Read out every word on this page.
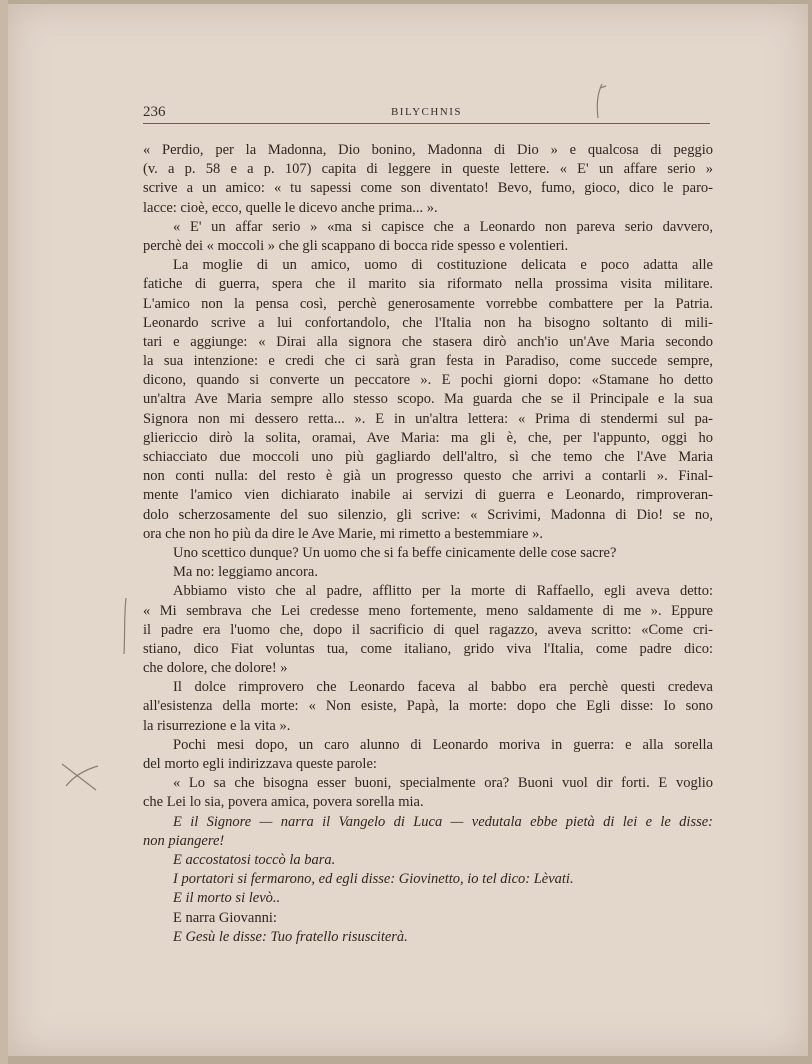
236	BILYCHNIS
« Perdio, per la Madonna, Dio bonino, Madonna di Dio » e qualcosa di peggio
(v. a p. 58 e a p. 107) capita di leggere in queste lettere. « E' un affare serio »
scrive a un amico: « tu sapessi come son diventato! Bevo, fumo, gioco, dico le paro-
lacce: cioè, ecco, quelle le dicevo anche prima... ».
« E' un affar serio » «ma si capisce che a Leonardo non pareva serio davvero,
perchè dei « moccoli » che gli scappano di bocca ride spesso e volentieri.
La moglie di un amico, uomo di costituzione delicata e poco adatta alle
fatiche di guerra, spera che il marito sia riformato nella prossima visita militare.
L'amico non la pensa così, perchè generosamente vorrebbe combattere per la Patria.
Leonardo scrive a lui confortandolo, che l'Italia non ha bisogno soltanto di mili-
tari e aggiunge: « Dirai alla signora che stasera dirò anch'io un'Ave Maria secondo
la sua intenzione: e credi che ci sarà gran festa in Paradiso, come succede sempre,
dicono, quando si converte un peccatore ». E pochi giorni dopo: «Stamane ho detto
un'altra Ave Maria sempre allo stesso scopo. Ma guarda che se il Principale e la sua
Signora non mi dessero retta... ». E in un'altra lettera: « Prima di stendermi sul pa-
gliericcio dirò la solita, oramai, Ave Maria: ma gli è, che, per l'appunto, oggi ho
schiacciato due moccoli uno più gagliardo dell'altro, sì che temo che l'Ave Maria
non conti nulla: del resto è già un progresso questo che arrivi a contarli ». Final-
mente l'amico vien dichiarato inabile ai servizi di guerra e Leonardo, rimproveran-
dolo scherzosamente del suo silenzio, gli scrive: « Scrivimi, Madonna di Dio! se no,
ora che non ho più da dire le Ave Marie, mi rimetto a bestemmiare ».
Uno scettico dunque? Un uomo che si fa beffe cinicamente delle cose sacre?
Ma no: leggiamo ancora.
Abbiamo visto che al padre, afflitto per la morte di Raffaello, egli aveva detto:
« Mi sembrava che Lei credesse meno fortemente, meno saldamente di me ». Eppure
il padre era l'uomo che, dopo il sacrificio di quel ragazzo, aveva scritto: «Come cri-
stiano, dico Fiat voluntas tua, come italiano, grido viva l'Italia, come padre dico:
che dolore, che dolore! »
Il dolce rimprovero che Leonardo faceva al babbo era perchè questi credeva
all'esistenza della morte: « Non esiste, Papà, la morte: dopo che Egli disse: Io sono
la risurrezione e la vita ».
Pochi mesi dopo, un caro alunno di Leonardo moriva in guerra: e alla sorella
del morto egli indirizzava queste parole:
« Lo sa che bisogna esser buoni, specialmente ora? Buoni vuol dir forti. E voglio
che Lei lo sia, povera amica, povera sorella mia.
E il Signore — narra il Vangelo di Luca — vedutala ebbe pietà di lei e le disse:
non piangere!
E accostatosi toccò la bara.
I portatori si fermarono, ed egli disse: Giovinetto, io tel dico: Lèvati.
E il morto si levò..
E narra Giovanni:
E Gesù le disse: Tuo fratello risusciterà.
